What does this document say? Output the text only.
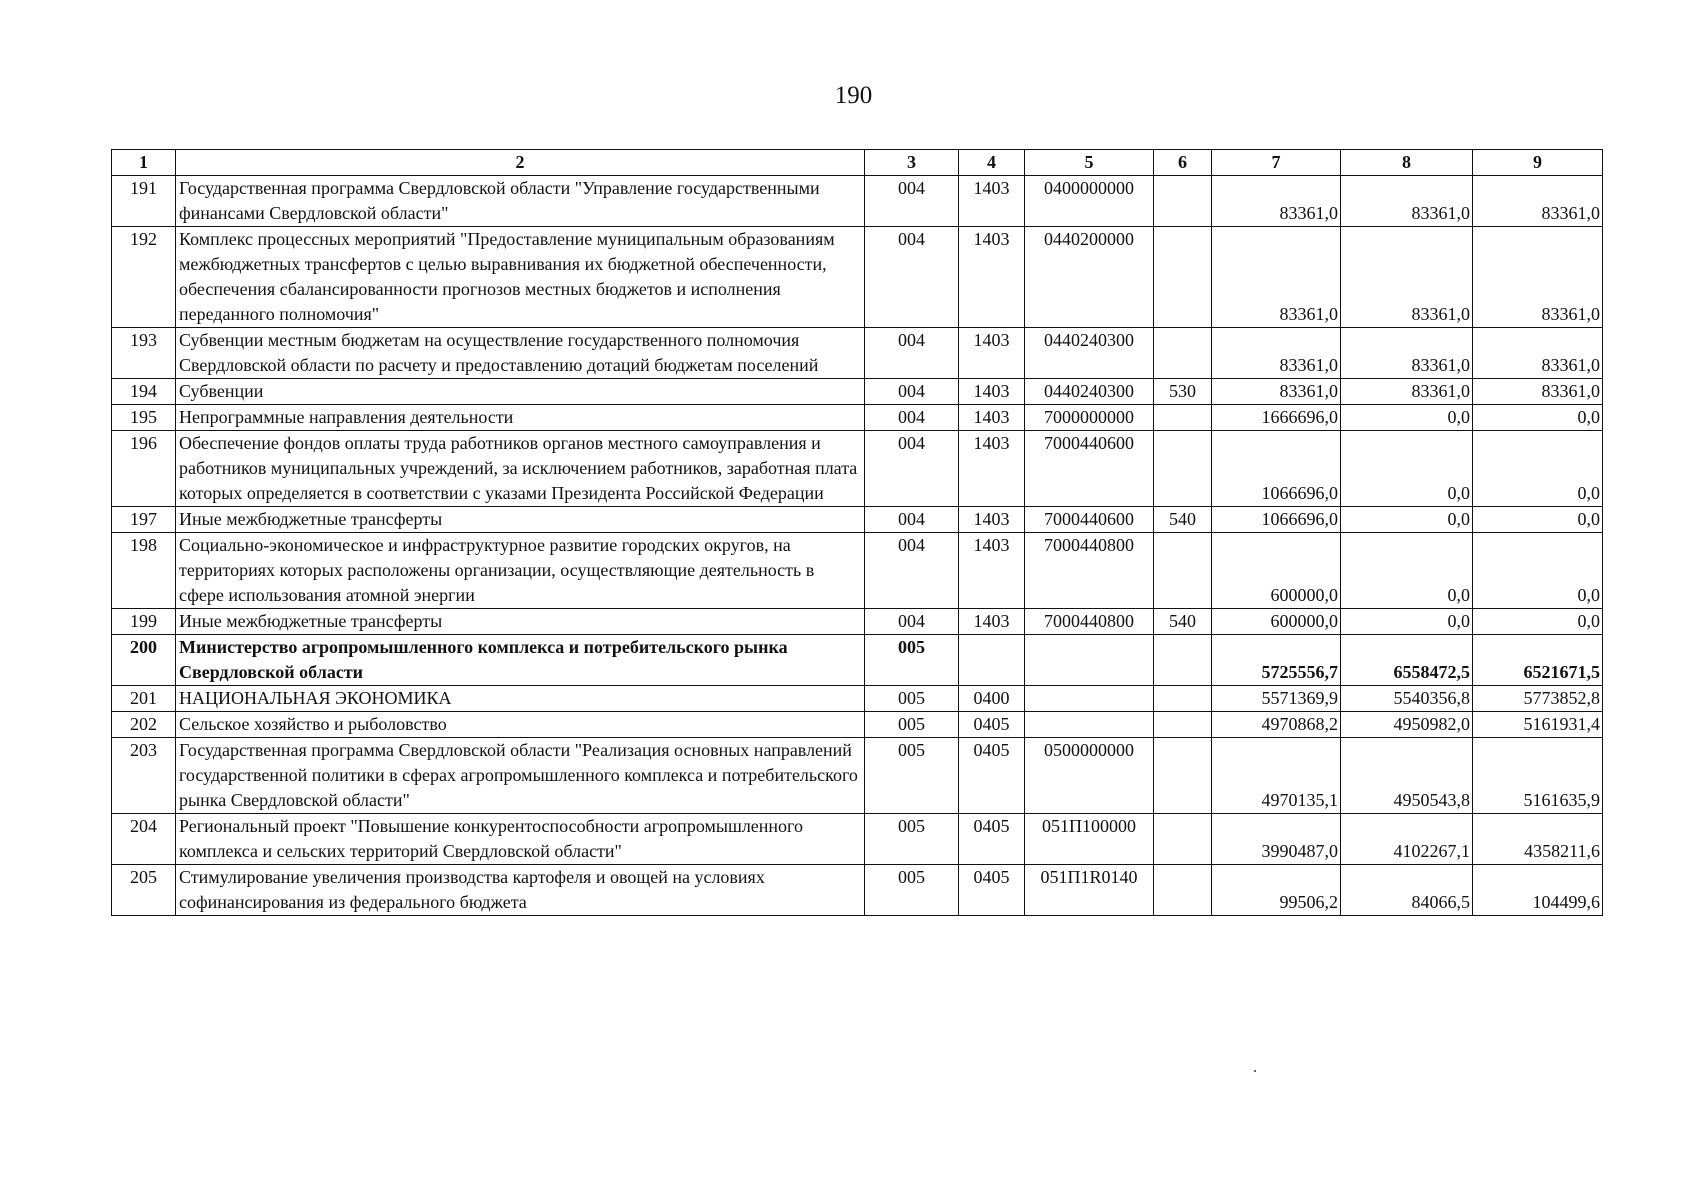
190
1	2	3	4	5	6	7	8	9
191	Государственная программа Свердловской области "Управление государственными финансами Свердловской области"	004	1403	0400000000		83361,0	83361,0	83361,0
192	Комплекс процессных мероприятий "Предоставление муниципальным образованиям межбюджетных трансфертов с целью выравнивания их бюджетной обеспеченности, обеспечения сбалансированности прогнозов местных бюджетов и исполнения переданного полномочия"	004	1403	0440200000		83361,0	83361,0	83361,0
193	Субвенции местным бюджетам на осуществление государственного полномочия Свердловской области по расчету и предоставлению дотаций бюджетам поселений	004	1403	0440240300		83361,0	83361,0	83361,0
194	Субвенции	004	1403	0440240300	530	83361,0	83361,0	83361,0
195	Непрограммные направления деятельности	004	1403	7000000000		1666696,0	0,0	0,0
196	Обеспечение фондов оплаты труда работников органов местного самоуправления и работников муниципальных учреждений, за исключением работников, заработная плата которых определяется в соответствии с указами Президента Российской Федерации	004	1403	7000440600		1066696,0	0,0	0,0
197	Иные межбюджетные трансферты	004	1403	7000440600	540	1066696,0	0,0	0,0
198	Социально-экономическое и инфраструктурное развитие городских округов, на территориях которых расположены организации, осуществляющие деятельность в сфере использования атомной энергии	004	1403	7000440800		600000,0	0,0	0,0
199	Иные межбюджетные трансферты	004	1403	7000440800	540	600000,0	0,0	0,0
200	Министерство агропромышленного комплекса и потребительского рынка Свердловской области	005				5725556,7	6558472,5	6521671,5
201	НАЦИОНАЛЬНАЯ ЭКОНОМИКА	005	0400			5571369,9	5540356,8	5773852,8
202	Сельское хозяйство и рыболовство	005	0405			4970868,2	4950982,0	5161931,4
203	Государственная программа Свердловской области "Реализация основных направлений государственной политики в сферах агропромышленного комплекса и потребительского рынка Свердловской области"	005	0405	0500000000		4970135,1	4950543,8	5161635,9
204	Региональный проект "Повышение конкурентоспособности агропромышленного комплекса и сельских территорий Свердловской области"	005	0405	051П100000		3990487,0	4102267,1	4358211,6
205	Стимулирование увеличения производства картофеля и овощей на условиях софинансирования из федерального бюджета	005	0405	051П1R0140		99506,2	84066,5	104499,6
